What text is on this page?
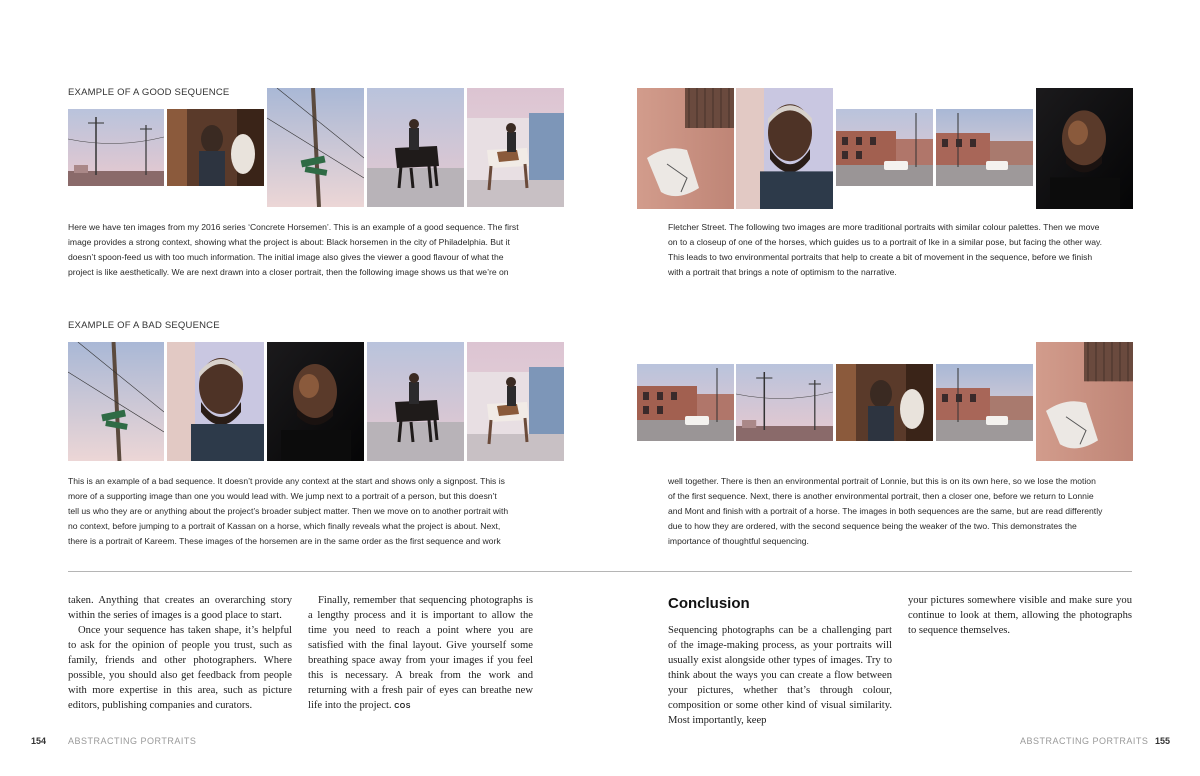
EXAMPLE OF A GOOD SEQUENCE
Here we have ten images from my 2016 series ‘Concrete Horsemen’. This is an example of a good sequence. The first
image provides a strong context, showing what the project is about: Black horsemen in the city of Philadelphia. But it
doesn’t spoon-feed us with too much information. The initial image also gives the viewer a good flavour of what the
project is like aesthetically. We are next drawn into a closer portrait, then the following image shows us that we’re on
EXAMPLE OF A BAD SEQUENCE
This is an example of a bad sequence. It doesn’t provide any context at the start and shows only a signpost. This is
more of a supporting image than one you would lead with. We jump next to a portrait of a person, but this doesn’t
tell us who they are or anything about the project’s broader subject matter. Then we move on to another portrait with
no context, before jumping to a portrait of Kassan on a horse, which finally reveals what the project is about. Next,
there is a portrait of Kareem. These images of the horsemen are in the same order as the first sequence and work

taken. Anything that creates an overarching story within the series of images is a good place to start.

Once your sequence has taken shape, it’s helpful to ask for the opinion of people you trust, such as family, friends and other photographers. Where possible, you should also get feedback from people with more expertise in this area, such as picture editors, publishing companies and curators.

Finally, remember that sequencing photographs is a lengthy process and it is important to allow the time you need to reach a point where you are satisfied with the final layout. Give yourself some breathing space away from your images if you feel this is necessary. A break from the work and returning with a fresh pair of eyes can breathe new life into the project. COS

154 ABSTRACTING PORTRAITS
Fletcher Street. The following two images are more traditional portraits with similar colour palettes. Then we move
on to a closeup of one of the horses, which guides us to a portrait of Ike in a similar pose, but facing the other way.
This leads to two environmental portraits that help to create a bit of movement in the sequence, before we finish
with a portrait that brings a note of optimism to the narrative.
well together. There is then an environmental portrait of Lonnie, but this is on its own here, so we lose the motion
of the first sequence. Next, there is another environmental portrait, then a closer one, before we return to Lonnie
and Mont and finish with a portrait of a horse. The images in both sequences are the same, but are read differently
due to how they are ordered, with the second sequence being the weaker of the two. This demonstrates the
importance of thoughtful sequencing.
Conclusion

Sequencing photographs can be a challenging part of the image-making process, as your portraits will usually exist alongside other types of images. Try to think about the ways you can create a flow between your pictures, whether that’s through colour, composition or some other kind of visual similarity. Most importantly, keep

your pictures somewhere visible and make sure you continue to look at them, allowing the photographs to sequence themselves.

ABSTRACTING PORTRAITS 155
